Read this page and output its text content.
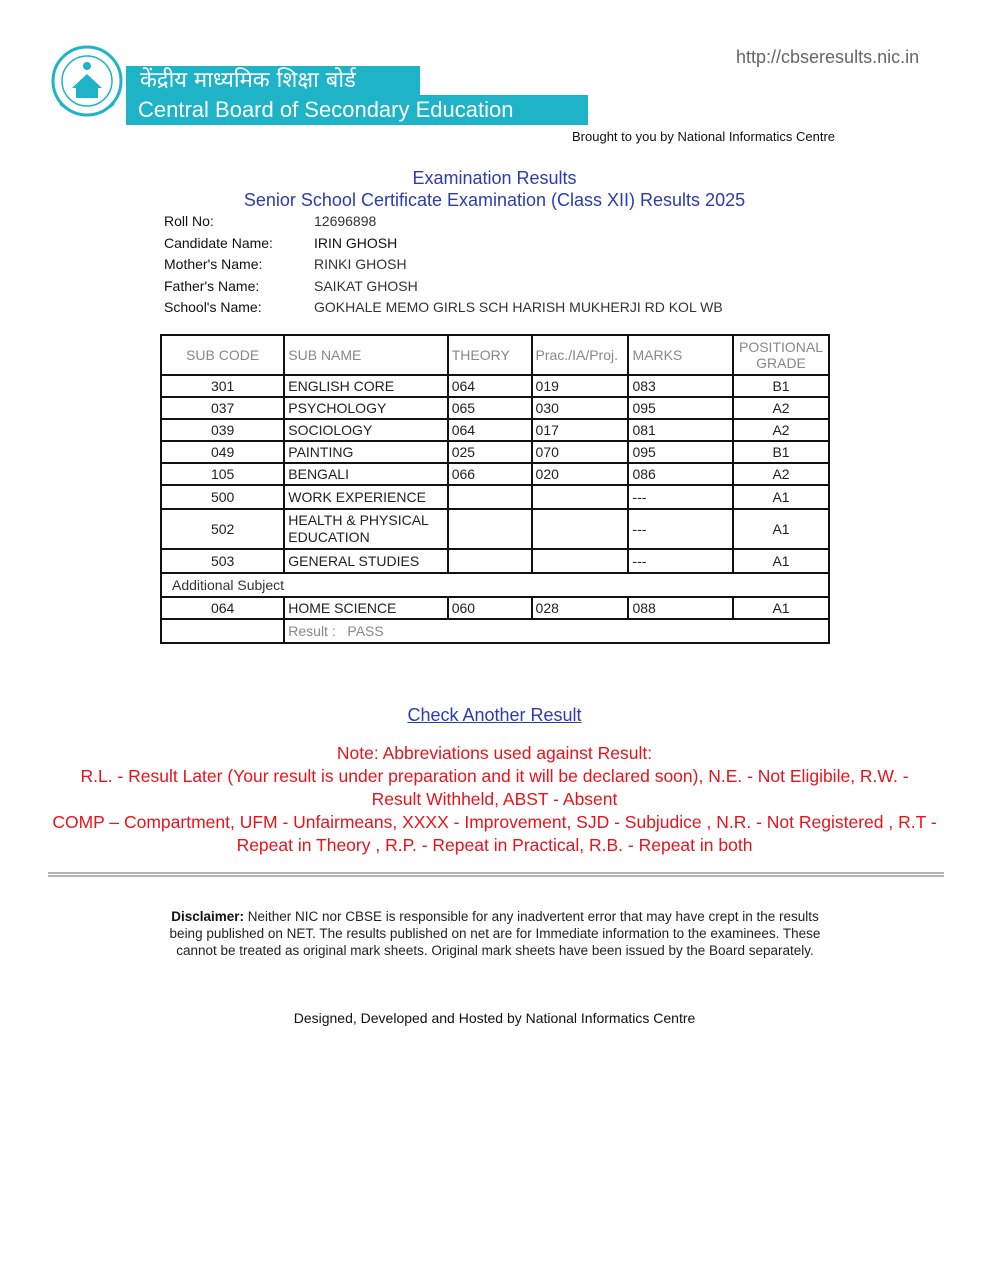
केंद्रीय माध्यमिक शिक्षा बोर्ड
Central Board of Secondary Education
http://cbseresults.nic.in
Brought to you by National Informatics Centre
Examination Results
Senior School Certificate Examination (Class XII) Results 2025
Roll No:	12696898
Candidate Name:	IRIN GHOSH
Mother's Name:	RINKI GHOSH
Father's Name:	SAIKAT GHOSH
School's Name:	GOKHALE MEMO GIRLS SCH HARISH MUKHERJI RD KOL WB
SUB CODE	SUB NAME	THEORY	Prac./IA/Proj.	MARKS	POSITIONAL
GRADE
301	ENGLISH CORE	064	019	083	B1
037	PSYCHOLOGY	065	030	095	A2
039	SOCIOLOGY	064	017	081	A2
049	PAINTING	025	070	095	B1
105	BENGALI	066	020	086	A2
500	WORK EXPERIENCE			---	A1
502	HEALTH & PHYSICAL
EDUCATION			---	A1
503	GENERAL STUDIES			---	A1
Additional Subject					
064	HOME SCIENCE	060	028	088	A1
	Result : PASS				
Check Another Result
Note: Abbreviations used against Result:
R.L. - Result Later (Your result is under preparation and it will be declared soon), N.E. - Not Eligibile, R.W. - Result Withheld, ABST - Absent
COMP – Compartment, UFM - Unfairmeans, XXXX - Improvement, SJD - Subjudice , N.R. - Not Registered , R.T - Repeat in Theory , R.P. - Repeat in Practical, R.B. - Repeat in both
Disclaimer: Neither NIC nor CBSE is responsible for any inadvertent error that may have crept in the results being published on NET. The results published on net are for Immediate information to the examinees. These cannot be treated as original mark sheets. Original mark sheets have been issued by the Board separately.
Designed, Developed and Hosted by National Informatics Centre
